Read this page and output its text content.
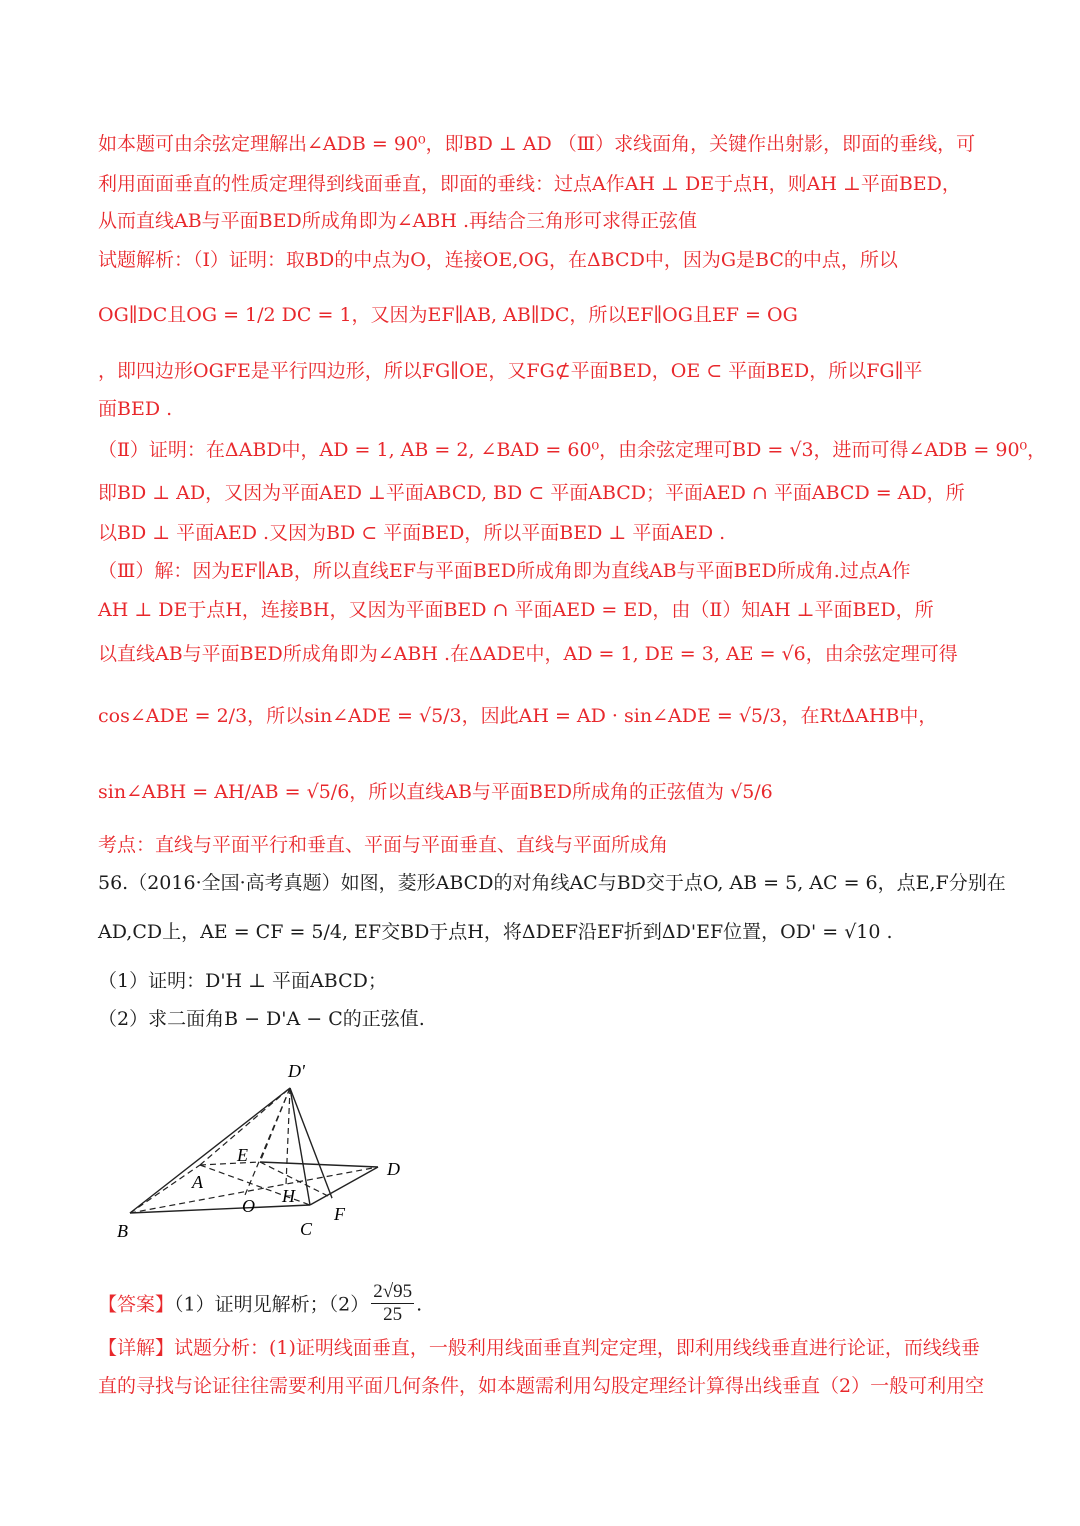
如本题可由余弦定理解出∠ADB = 90⁰，即BD ⊥ AD （Ⅲ）求线面角，关键作出射影，即面的垂线，可
利用面面垂直的性质定理得到线面垂直，即面的垂线：过点A作AH ⊥ DE于点H，则AH ⊥平面BED，
从而直线AB与平面BED所成角即为∠ABH .再结合三角形可求得正弦值
试题解析：（Ⅰ）证明：取BD的中点为O，连接OE,OG，在ΔBCD中，因为G是BC的中点，所以
OG∥DC且OG = 1/2 DC = 1，又因为EF∥AB, AB∥DC，所以EF∥OG且EF = OG
，即四边形OGFE是平行四边形，所以FG∥OE，又FG⊄平面BED，OE ⊂ 平面BED，所以FG∥平
面BED .
（Ⅱ）证明：在ΔABD中，AD = 1, AB = 2, ∠BAD = 60⁰，由余弦定理可BD = √3，进而可得∠ADB = 90⁰，
即BD ⊥ AD，又因为平面AED ⊥平面ABCD, BD ⊂ 平面ABCD；平面AED ∩ 平面ABCD = AD，所
以BD ⊥ 平面AED .又因为BD ⊂ 平面BED，所以平面BED ⊥ 平面AED .
（Ⅲ）解：因为EF∥AB，所以直线EF与平面BED所成角即为直线AB与平面BED所成角.过点A作
AH ⊥ DE于点H，连接BH，又因为平面BED ∩ 平面AED = ED，由（Ⅱ）知AH ⊥平面BED，所
以直线AB与平面BED所成角即为∠ABH .在ΔADE中，AD = 1, DE = 3, AE = √6，由余弦定理可得
cos∠ADE = 2/3，所以sin∠ADE = √5/3，因此AH = AD · sin∠ADE = √5/3，在RtΔAHB中，
sin∠ABH = AH/AB = √5/6，所以直线AB与平面BED所成角的正弦值为 √5/6
考点：直线与平面平行和垂直、平面与平面垂直、直线与平面所成角
56.（2016·全国·高考真题）如图，菱形ABCD的对角线AC与BD交于点O, AB = 5, AC = 6，点E,F分别在
AD,CD上，AE = CF = 5/4, EF交BD于点H，将ΔDEF沿EF折到ΔD'EF位置，OD' = √10 .
（1）证明：D'H ⊥ 平面ABCD；
（2）求二面角B − D'A − C的正弦值.
D'
E
A
D
H
O
B	C
F
【答案】（1）证明见解析；$(2) \frac{2√95}{25}$ .
【详解】试题分析：(1)证明线面垂直，一般利用线面垂直判定定理，即利用线线垂直进行论证，而线线垂
直的寻找与论证往往需要利用平面几何条件，如本题需利用勾股定理经计算得出线垂直（2）一般可利用空
